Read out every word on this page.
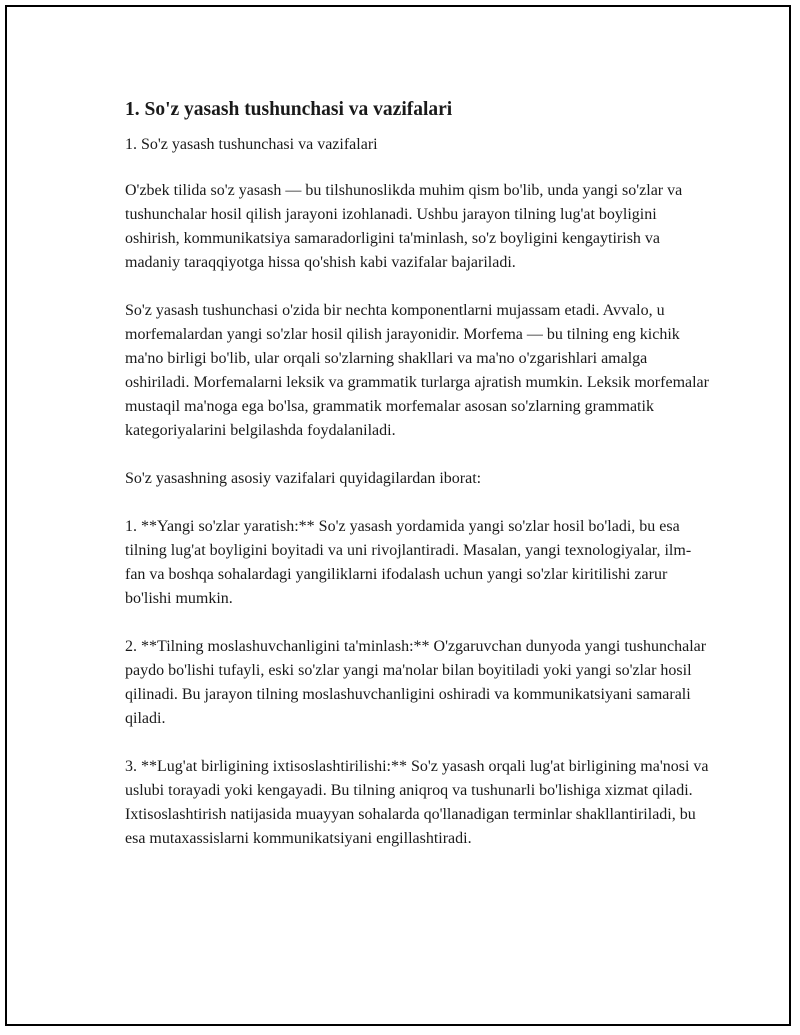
1. So'z yasash tushunchasi va vazifalari

1. So'z yasash tushunchasi va vazifalari

O'zbek tilida so'z yasash — bu tilshunoslikda muhim qism bo'lib, unda yangi so'zlar va tushunchalar hosil qilish jarayoni izohlanadi. Ushbu jarayon tilning lug'at boyligini oshirish, kommunikatsiya samaradorligini ta'minlash, so'z boyligini kengaytirish va madaniy taraqqiyotga hissa qo'shish kabi vazifalar bajariladi.

So'z yasash tushunchasi o'zida bir nechta komponentlarni mujassam etadi. Avvalo, u morfemalardan yangi so'zlar hosil qilish jarayonidir. Morfema — bu tilning eng kichik ma'no birligi bo'lib, ular orqali so'zlarning shakllari va ma'no o'zgarishlari amalga oshiriladi. Morfemalarni leksik va grammatik turlarga ajratish mumkin. Leksik morfemalar mustaqil ma'noga ega bo'lsa, grammatik morfemalar asosan so'zlarning grammatik kategoriyalarini belgilashda foydalaniladi.

So'z yasashning asosiy vazifalari quyidagilardan iborat:

1. **Yangi so'zlar yaratish:** So'z yasash yordamida yangi so'zlar hosil bo'ladi, bu esa tilning lug'at boyligini boyitadi va uni rivojlantiradi. Masalan, yangi texnologiyalar, ilm-fan va boshqa sohalardagi yangiliklarni ifodalash uchun yangi so'zlar kiritilishi zarur bo'lishi mumkin.

2. **Tilning moslashuvchanligini ta'minlash:** O'zgaruvchan dunyoda yangi tushunchalar paydo bo'lishi tufayli, eski so'zlar yangi ma'nolar bilan boyitiladi yoki yangi so'zlar hosil qilinadi. Bu jarayon tilning moslashuvchanligini oshiradi va kommunikatsiyani samarali qiladi.

3. **Lug'at birligining ixtisoslashtirilishi:** So'z yasash orqali lug'at birligining ma'nosi va uslubi torayadi yoki kengayadi. Bu tilning aniqroq va tushunarli bo'lishiga xizmat qiladi. Ixtisoslashtirish natijasida muayyan sohalarda qo'llanadigan terminlar shakllantiriladi, bu esa mutaxassislarni kommunikatsiyani engillashtiradi.
